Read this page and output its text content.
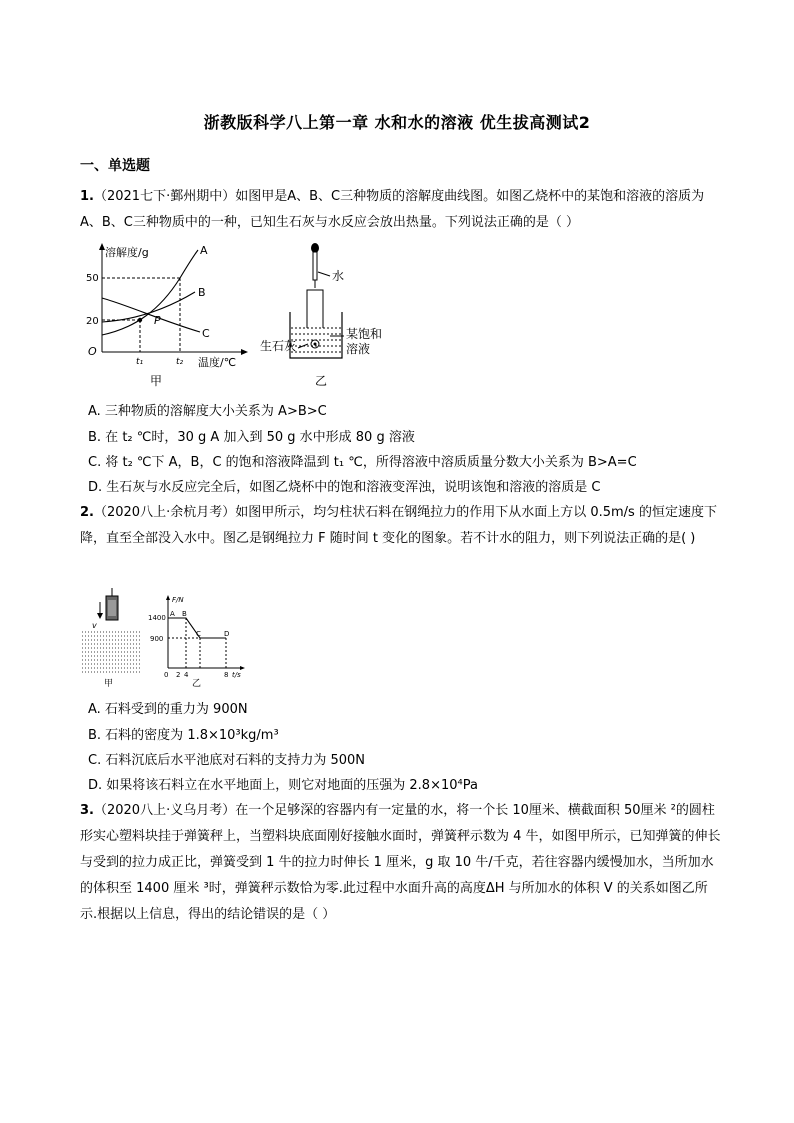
浙教版科学八上第一章 水和水的溶液 优生拔高测试2
一、单选题
1.（2021七下·鄞州期中）如图甲是A、B、C三种物质的溶解度曲线图。如图乙烧杯中的某饱和溶液的溶质为A、B、C三种物质中的一种，已知生石灰与水反应会放出热量。下列说法正确的是（ ）
溶解度/g
温度/℃
50
20
O
P
A
B
C
t₁	t₂
甲
水
生石灰
某饱和
溶液
乙
A. 三种物质的溶解度大小关系为 A>B>C
B. 在 t₂ ℃时，30 g A 加入到 50 g 水中形成 80 g 溶液
C. 将 t₂ ℃下 A，B，C 的饱和溶液降温到 t₁ ℃，所得溶液中溶质质量分数大小关系为 B>A=C
D. 生石灰与水反应完全后，如图乙烧杯中的饱和溶液变浑浊，说明该饱和溶液的溶质是 C
2.（2020八上·余杭月考）如图甲所示，均匀柱状石料在钢绳拉力的作用下从水面上方以 0.5m/s 的恒定速度下降，直至全部没入水中。图乙是钢绳拉力 F 随时间 t 变化的图象。若不计水的阻力，则下列说法正确的是( )
v
甲
F/N
1400
900
A B
C	D
0 2 4	8 t/s
乙
A. 石料受到的重力为 900N
B. 石料的密度为 1.8×10³kg/m³
C. 石料沉底后水平池底对石料的支持力为 500N
D. 如果将该石料立在水平地面上，则它对地面的压强为 2.8×10⁴Pa
3.（2020八上·义乌月考）在一个足够深的容器内有一定量的水，将一个长 10厘米、横截面积 50厘米 ²的圆柱形实心塑料块挂于弹簧秤上，当塑料块底面刚好接触水面时，弹簧秤示数为 4 牛，如图甲所示，已知弹簧的伸长与受到的拉力成正比，弹簧受到 1 牛的拉力时伸长 1 厘米，g 取 10 牛/千克，若往容器内缓慢加水，当所加水的体积至 1400 厘米 ³时，弹簧秤示数恰为零.此过程中水面升高的高度ΔH 与所加水的体积 V 的关系如图乙所示.根据以上信息，得出的结论错误的是（ ）
